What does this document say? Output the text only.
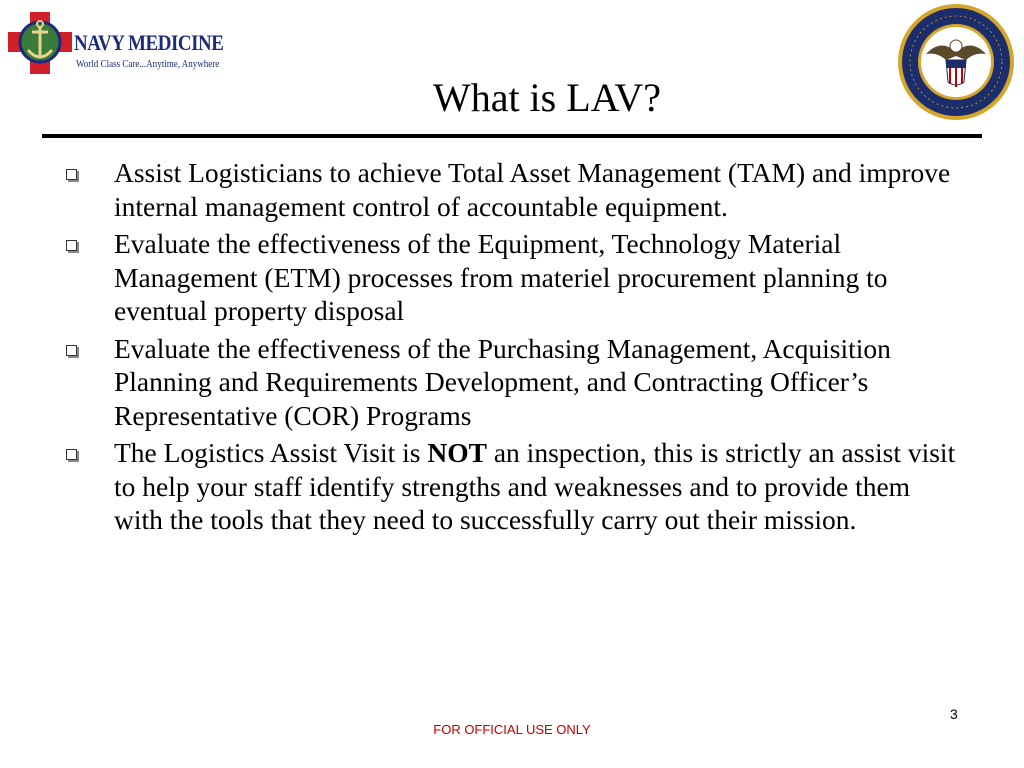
NAVY MEDICINE
World Class Care...Anytime, Anywhere
What is LAV?
Assist Logisticians to achieve Total Asset Management (TAM) and improve internal management control of accountable equipment.
Evaluate the effectiveness of the Equipment, Technology Material Management (ETM) processes from materiel procurement planning to eventual property disposal
Evaluate the effectiveness of the Purchasing Management, Acquisition Planning and Requirements Development, and Contracting Officer’s Representative (COR) Programs
The Logistics Assist Visit is NOT an inspection, this is strictly an assist visit to help your staff identify strengths and weaknesses and to provide them with the tools that they need to successfully carry out their mission.
3
FOR OFFICIAL USE ONLY
